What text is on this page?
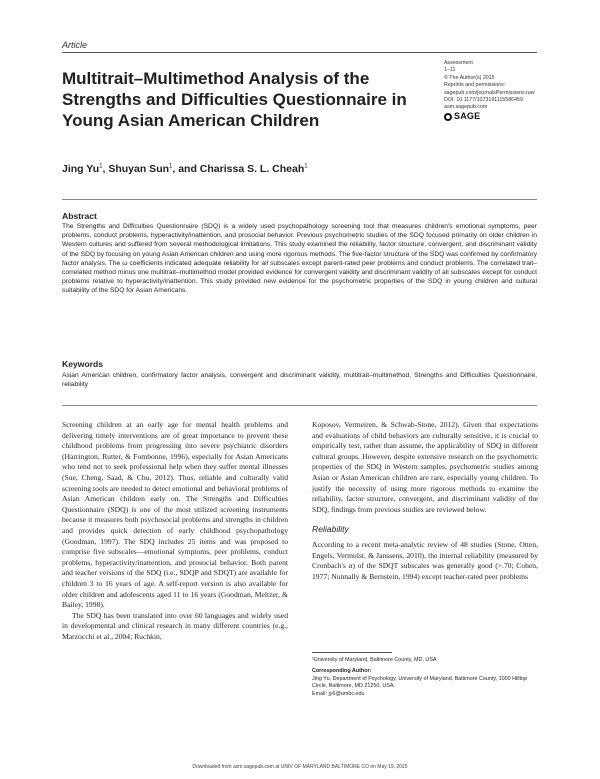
Article
Multitrait–Multimethod Analysis of the Strengths and Difficulties Questionnaire in Young Asian American Children
Assessment
1–11
© The Author(s) 2015
Reprints and permissions:
sagepub.com/journalsPermissions.nav
DOI: 10.1177/1073191115586459
asm.sagepub.com
SAGE
Jing Yu$^1$, Shuyan Sun$^1$, and Charissa S. L. Cheah$^1$
Abstract

The Strengths and Difficulties Questionnaire (SDQ) is a widely used psychopathology screening tool that measures children's emotional symptoms, peer problems, conduct problems, hyperactivity/inattention, and prosocial behavior. Previous psychometric studies of the SDQ focused primarily on older children in Western cultures and suffered from several methodological limitations. This study examined the reliability, factor structure, convergent, and discriminant validity of the SDQ by focusing on young Asian American children and using more rigorous methods. The five-factor structure of the SDQ was confirmed by confirmatory factor analysis. The ω coefficients indicated adequate reliability for all subscales except parent-rated peer problems and conduct problems. The correlated trait–correlated method minus one multitrait–multimethod model provided evidence for convergent validity and discriminant validity of all subscales except for conduct problems relative to hyperactivity/inattention. This study provided new evidence for the psychometric properties of the SDQ in young children and cultural suitability of the SDQ for Asian Americans.

Keywords

Asian American children, confirmatory factor analysis, convergent and discriminant validity, multitrait–multimethod, Strengths and Difficulties Questionnaire, reliability

Screening children at an early age for mental health problems and delivering timely interventions are of great importance to prevent these childhood problems from progressing into severe psychiatric disorders (Harrington, Rutter, & Fombonne, 1996), especially for Asian Americans who tend not to seek professional help when they suffer mental illnesses (Sue, Cheng, Saad, & Chu, 2012). Thus, reliable and culturally valid screening tools are needed to detect emotional and behavioral problems of Asian American children early on. The Strengths and Difficulties Questionnaire (SDQ) is one of the most utilized screening instruments because it measures both psychosocial problems and strengths in children and provides quick detection of early childhood psychopathology (Goodman, 1997). The SDQ includes 25 items and was proposed to comprise five subscales—emotional symptoms, peer problems, conduct problems, hyperactivity/inattention, and prosocial behavior. Both parent and teacher versions of the SDQ (i.e., SDQP and SDQT) are available for children 3 to 16 years of age. A self-report version is also available for older children and adolescents aged 11 to 16 years (Goodman, Meltzer, & Bailey, 1998).

The SDQ has been translated into over 60 languages and widely used in developmental and clinical research in many different countries (e.g., Marzocchi et al., 2004; Ruchkin,

Koposov, Vermeiren, & Schwab-Stone, 2012). Given that expectations and evaluations of child behaviors are culturally sensitive, it is crucial to empirically test, rather than assume, the applicability of SDQ in different cultural groups. However, despite extensive research on the psychometric properties of the SDQ in Western samples, psychometric studies among Asian or Asian American children are rare, especially young children. To justify the necessity of using more rigorous methods to examine the reliability, factor structure, convergent, and discriminant validity of the SDQ, findings from previous studies are reviewed below.

Reliability

According to a recent meta-analytic review of 48 studies (Stone, Otten, Engels, Vermulst, & Janssens, 2010), the internal reliability (measured by Cronbach's α) of the SDQT subscales was generally good (>.70; Cohen, 1977; Nunnally & Bernstein, 1994) except teacher-rated peer problems

¹University of Maryland, Baltimore County, MD, USA
Corresponding Author:
Jing Yu, Department of Psychology, University of Maryland, Baltimore County, 1000 Hilltop Circle, Baltimore, MD 21250, USA.
Email: jy6@umbc.edu
Downloaded from asm.sagepub.com at UNIV OF MARYLAND BALTIMORE CO on May 19, 2015
